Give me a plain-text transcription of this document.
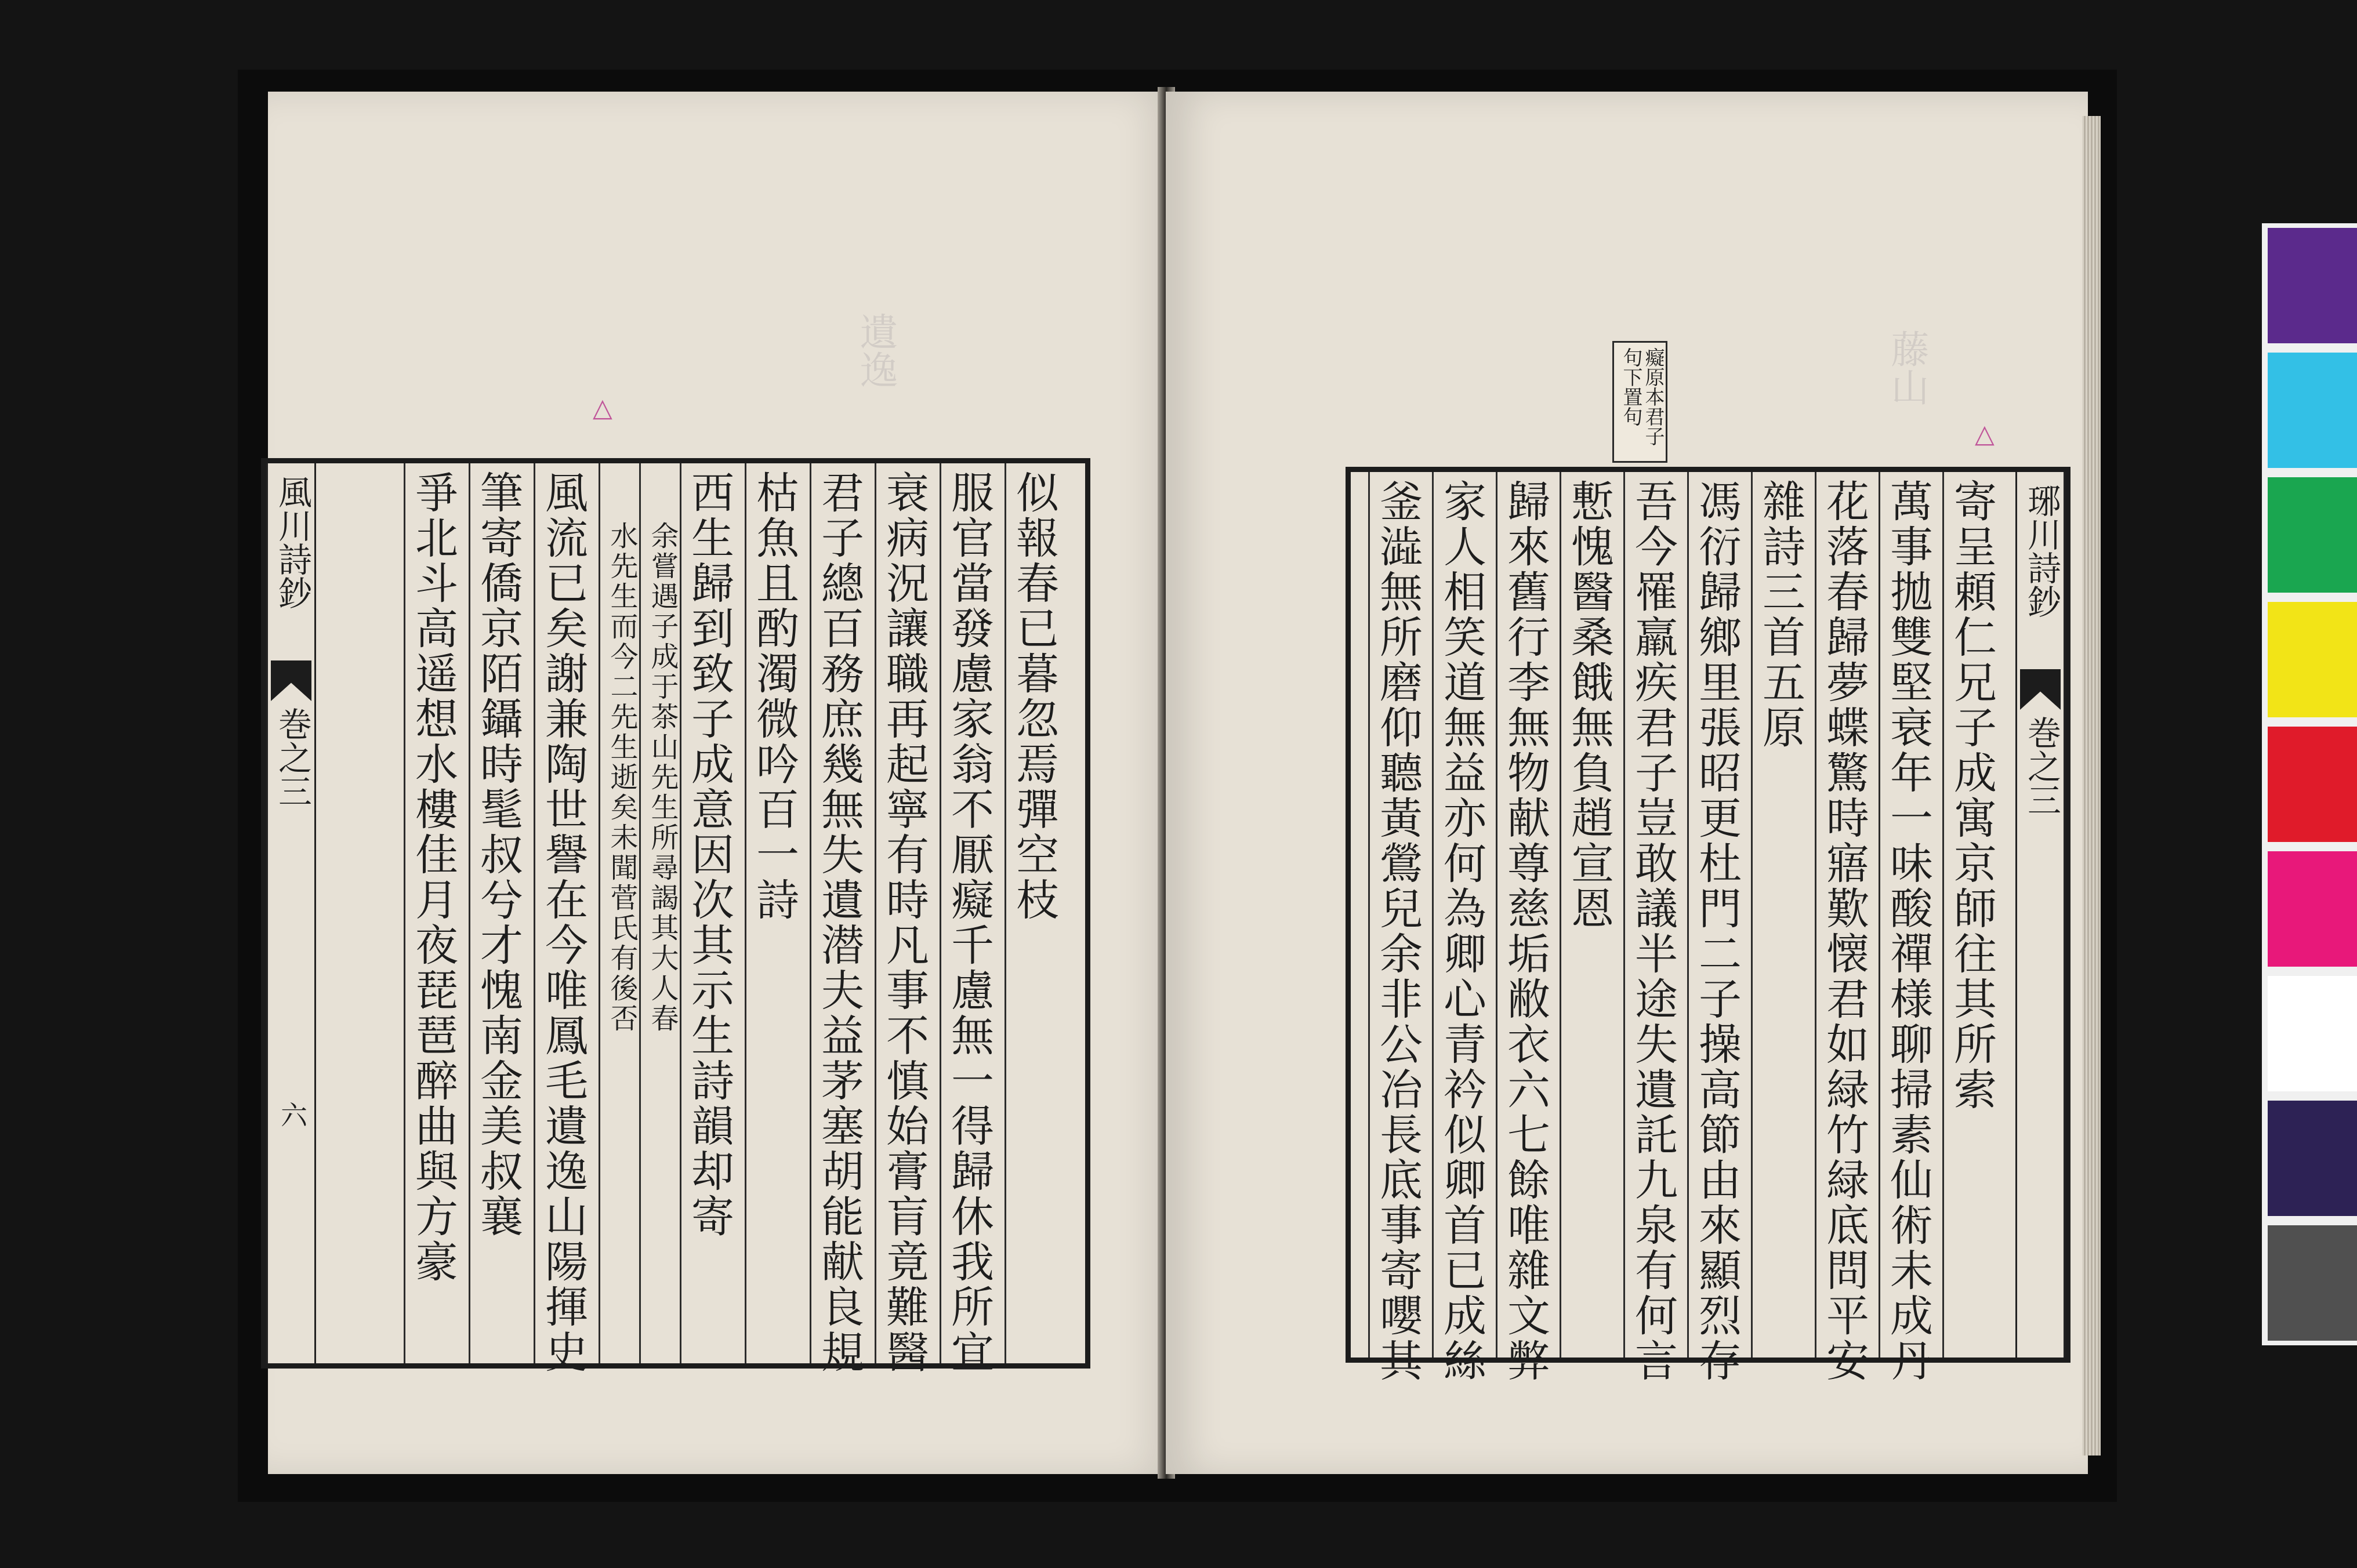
遺逸
△
風川詩鈔
巻之三
六
似報春已暮忽焉彈空枝
服官當發慮家翁不厭癡千慮無一得歸休我所宜
衰病況讓職再起寧有時凡事不慎始膏肓竟難醫
君子總百務庶幾無失遺潜夫益茅塞胡能献良規
枯魚且酌濁微吟百一詩
西生歸到致子成意因次其示生詩韻却寄
余嘗遇子成于茶山先生所尋謁其大人春
水先生而今二先生逝矣未聞菅氏有後否
風流已矣謝兼陶世譽在今唯鳳毛遺逸山陽揮史
筆寄僑京陌鑷時髦叔兮才愧南金美叔襄
爭北斗高遥想水樓佳月夜琵琶醉曲與方豪
藤山
△
琊川詩鈔
巻之三
寄呈頼仁兄子成寓京師往其所索
萬事拋雙堅衰年一味酸禪様聊掃素仙術未成丹
花落春歸夢蝶驚時寤歎懐君如緑竹緑底問平安
雜詩三首五原
馮衍歸鄉里張昭更杜門二子操高節由來顯烈存
吾今罹羸疾君子豈敢議半途失遺託九泉有何言
慙愧醫桑餓無負趙宣恩
歸來舊行李無物献尊慈垢敝衣六七餘唯雜文弊
家人相笑道無益亦何為卿心青衿似卿首已成絲
釜澁無所磨仰聽黃鶯兒余非公冶長底事寄嚶其
癡原本君子句下置句
